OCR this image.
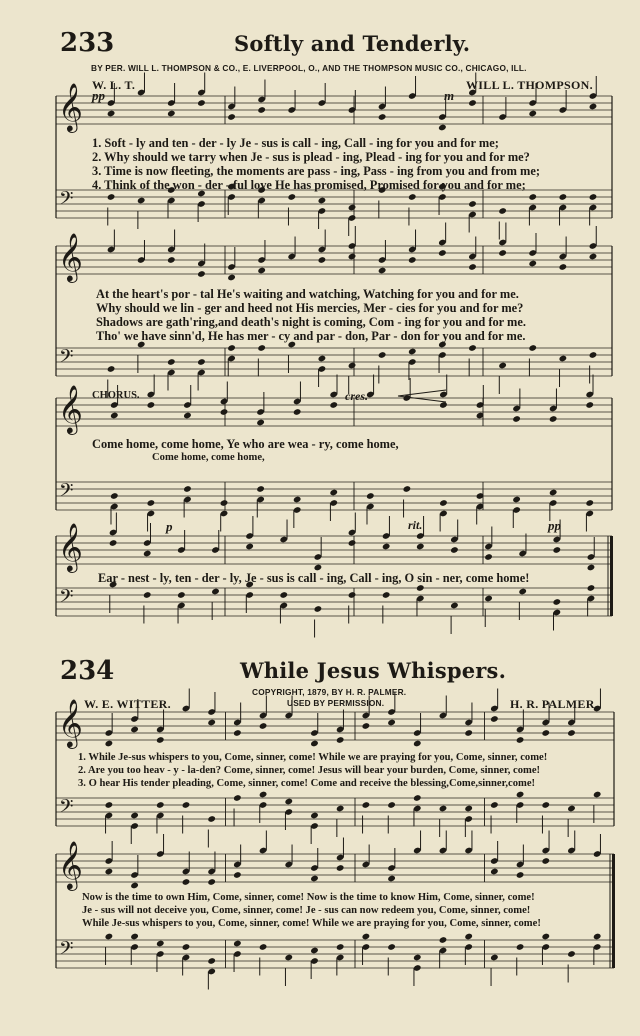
𝄞
𝄢
𝄞
𝄢
𝄞
𝄢
𝄞
𝄢
𝄞
𝄢
𝄞
𝄢
233	Softly and Tenderly.
BY PER. WILL L. THOMPSON & CO., E. LIVERPOOL, O., AND THE THOMPSON MUSIC CO., CHICAGO, ILL.
W. L. T.	WILL L. THOMPSON.
pp	m
1. Soft - ly and ten - der - ly Je - sus is call - ing, Call - ing for you and for me;
2. Why should we tarry when Je - sus is plead - ing, Plead - ing for you and for me?
3. Time is now fleeting, the moments are pass - ing, Pass - ing from you and from me;
4. Think of the won - der - ful love He has promised, Promised for you and for me;
At the heart's por - tal He's waiting and watching, Watching for you and for me.
Why should we lin - ger and heed not His mercies, Mer - cies for you and for me?
Shadows are gath'ring,and death's night is coming, Com - ing for you and for me.
Tho' we have sinn'd, He has mer - cy and par - don, Par - don for you and for me.
CHORUS.	cres.
Come home, come home, Ye who are wea - ry, come home,
Come home, come home,
p	rit.	pp
Ear - nest - ly, ten - der - ly, Je - sus is call - ing, Call - ing, O sin - ner, come home!
234	While Jesus Whispers.
COPYRIGHT, 1879, BY H. R. PALMER.
USED BY PERMISSION.
W. E. WITTER.	H. R. PALMER.
1. While Je-sus whispers to you, Come, sinner, come! While we are praying for you, Come, sinner, come!
2. Are you too heav - y - la-den? Come, sinner, come! Jesus will bear your burden, Come, sinner, come!
3. O hear His tender pleading, Come, sinner, come! Come and receive the blessing,Come,sinner,come!
Now is the time to own Him, Come, sinner, come! Now is the time to know Him, Come, sinner, come!
Je - sus will not deceive you, Come, sinner, come! Je - sus can now redeem you, Come, sinner, come!
While Je-sus whispers to you, Come, sinner, come! While we are praying for you, Come, sinner, come!
